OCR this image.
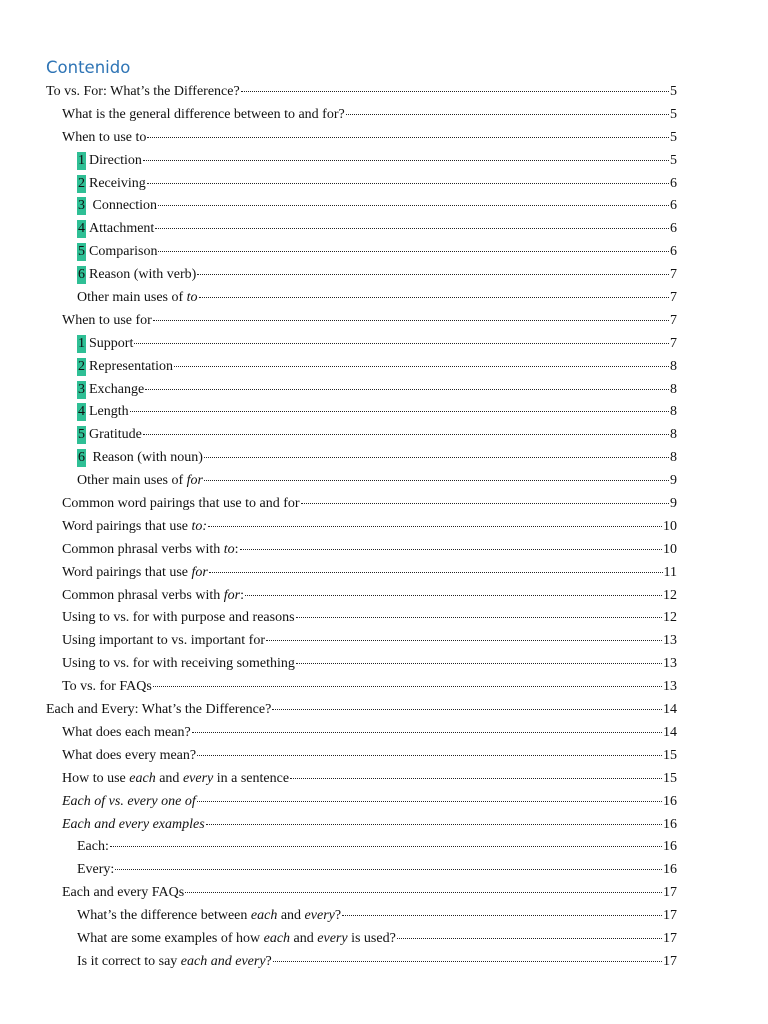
Contenido
To vs. For: What’s the Difference?	5
What is the general difference between to and for?	5
When to use to	5
1 Direction	5
2 Receiving	6
3 Connection	6
4 Attachment	6
5 Comparison	6
6 Reason (with verb)	7
Other main uses of to	7
When to use for	7
1 Support	7
2 Representation	8
3 Exchange	8
4 Length	8
5 Gratitude	8
6 Reason (with noun)	8
Other main uses of for	9
Common word pairings that use to and for	9
Word pairings that use to:	10
Common phrasal verbs with to:	10
Word pairings that use for	11
Common phrasal verbs with for:	12
Using to vs. for with purpose and reasons	12
Using important to vs. important for	13
Using to vs. for with receiving something	13
To vs. for FAQs	13
Each and Every: What’s the Difference?	14
What does each mean?	14
What does every mean?	15
How to use each and every in a sentence	15
Each of vs. every one of	16
Each and every examples	16
Each:	16
Every:	16
Each and every FAQs	17
What’s the difference between each and every?	17
What are some examples of how each and every is used?	17
Is it correct to say each and every?	17
